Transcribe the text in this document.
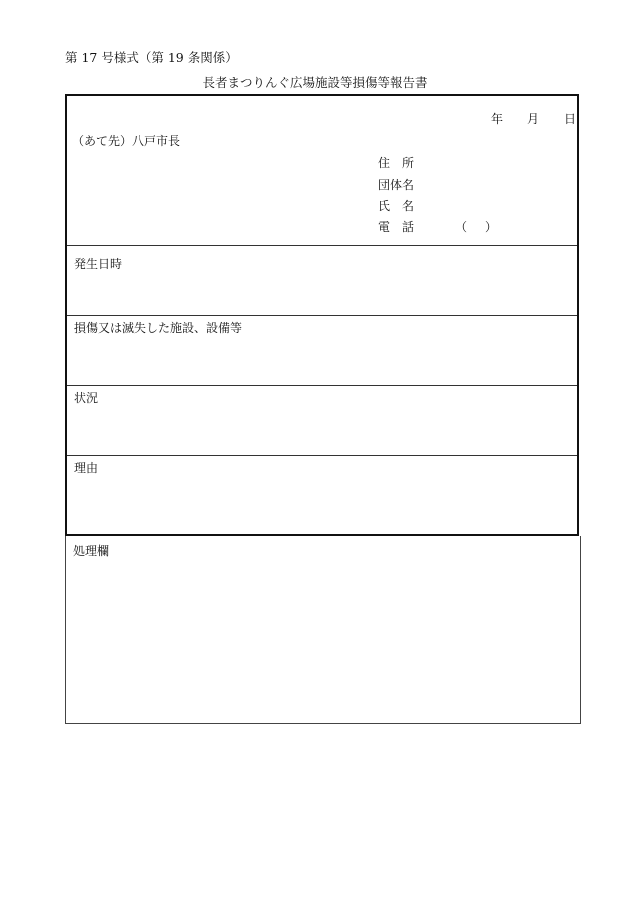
第 17 号様式（第 19 条関係）
長者まつりんぐ広場施設等損傷等報告書
年 月 日
（あて先）八戸市長
住　所
団体名
氏　名
電　話	（ ）
発生日時
損傷又は滅失した施設、設備等
状況
理由
処理欄
